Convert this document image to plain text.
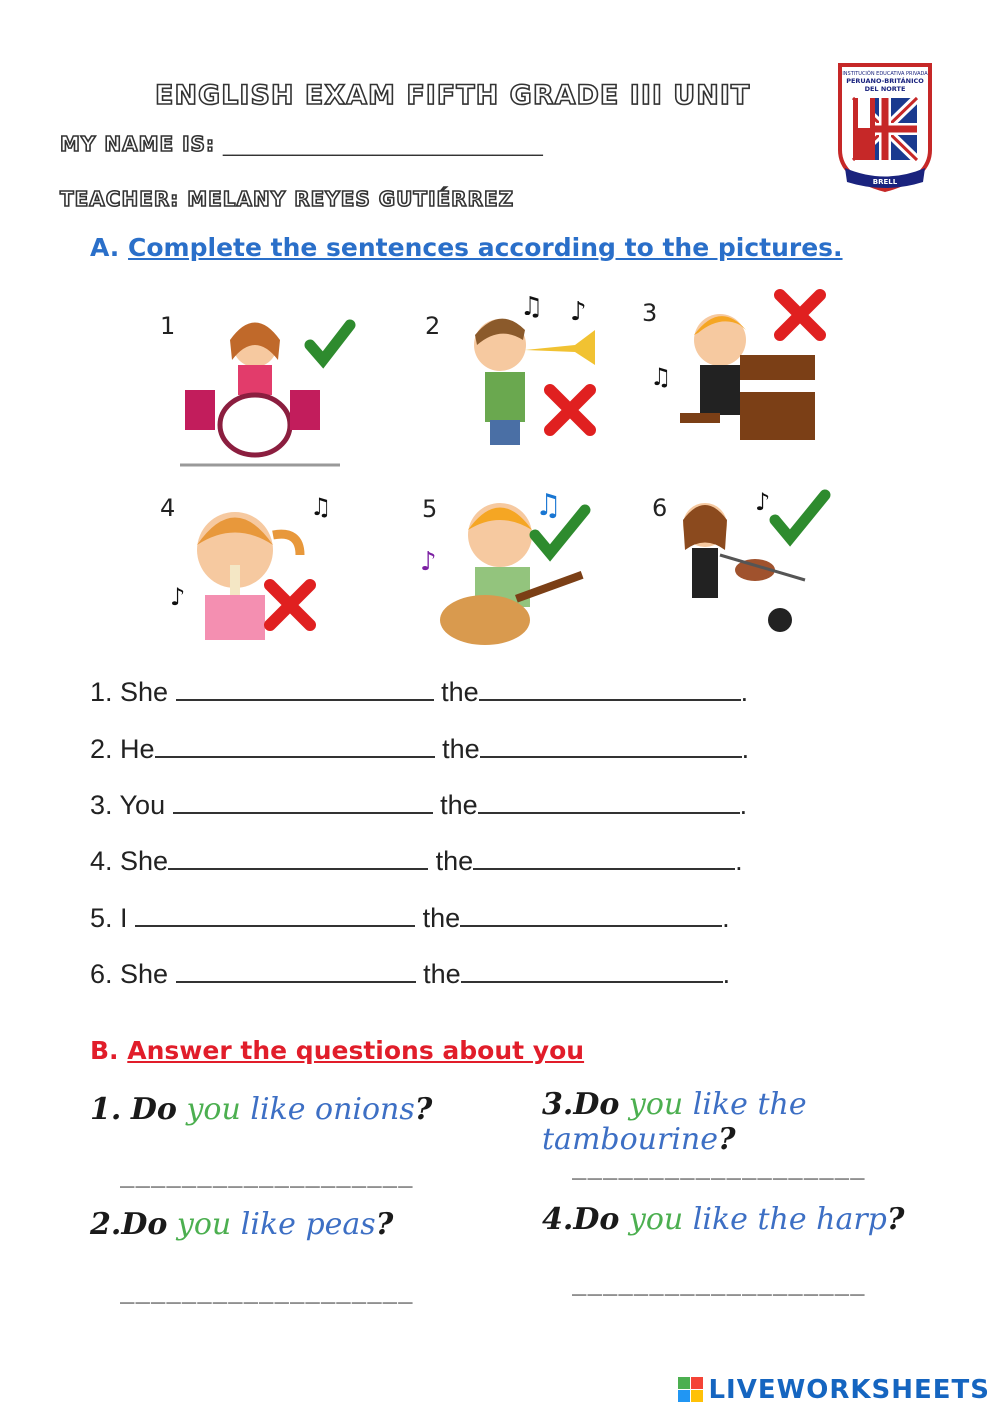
ENGLISH EXAM FIFTH GRADE III UNIT
MY NAME IS: ________________________________
TEACHER: MELANY REYES GUTIÉRREZ
INSTITUCIÓN EDUCATIVA PRIVADA
PERUANO-BRITÁNICO
DEL NORTE
BRELL
A. Complete the sentences according to the pictures.
1	2
♫ ♪ 3
♫
4	♫
♪
5	♫
♪
6	♪
1. She	the	.
2. He	the	.
3. You	the	.
4. She	the	.
5. I	the	.
6. She	the	.
B. Answer the questions about you
1. Do you like onions?
___________________
2.Do you like peas?
___________________
3.Do you like the tambourine?
___________________
4.Do you like the harp?
___________________
LIVEWORKSHEETS
